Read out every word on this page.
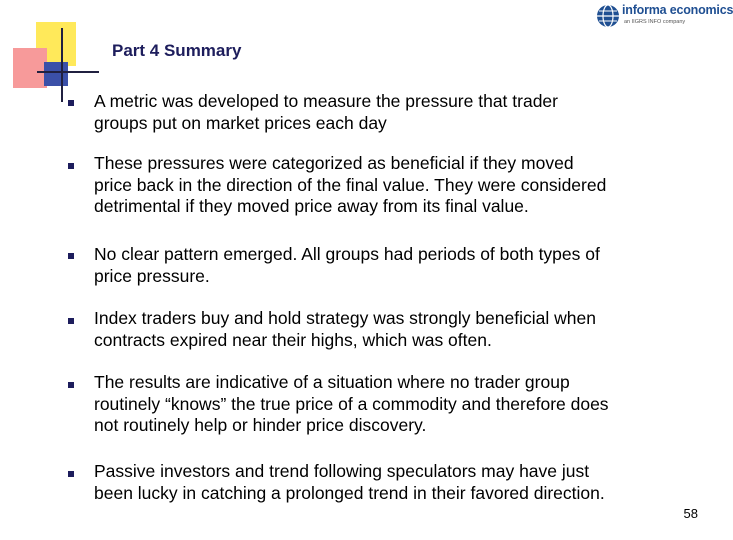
Part 4 Summary
informa economics
an IIGRS INFO company
A metric was developed to measure the pressure that trader
groups put on market prices each day
These pressures were categorized as beneficial if they moved
price back in the direction of the final value. They were considered
detrimental if they moved price away from its final value.
No clear pattern emerged. All groups had periods of both types of
price pressure.
Index traders buy and hold strategy was strongly beneficial when
contracts expired near their highs, which was often.
The results are indicative of a situation where no trader group
routinely “knows” the true price of a commodity and therefore does
not routinely help or hinder price discovery.
Passive investors and trend following speculators may have just
been lucky in catching a prolonged trend in their favored direction.
58
